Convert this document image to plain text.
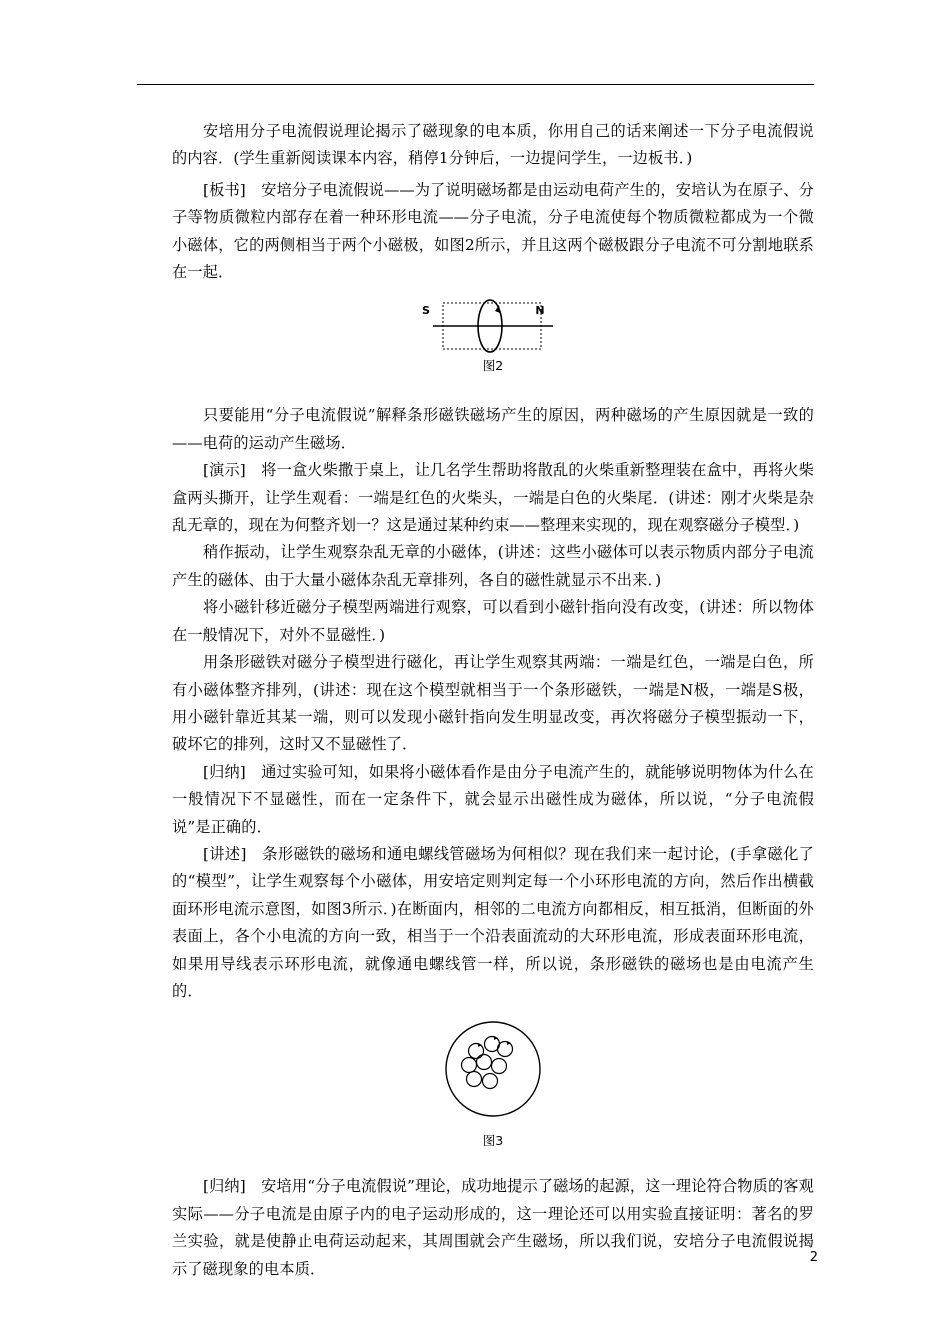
安培用分子电流假说理论揭示了磁现象的电本质，你用自己的话来阐述一下分子电流假说的内容．(学生重新阅读课本内容，稍停1分钟后，一边提问学生，一边板书．)

[板书]　安培分子电流假说——为了说明磁场都是由运动电荷产生的，安培认为在原子、分子等物质微粒内部存在着一种环形电流——分子电流，分子电流使每个物质微粒都成为一个微小磁体，它的两侧相当于两个小磁极，如图2所示，并且这两个磁极跟分子电流不可分割地联系在一起．

S	N
图2

只要能用“分子电流假说”解释条形磁铁磁场产生的原因，两种磁场的产生原因就是一致的——电荷的运动产生磁场．

[演示]　将一盒火柴撒于桌上，让几名学生帮助将散乱的火柴重新整理装在盒中，再将火柴盒两头撕开，让学生观看：一端是红色的火柴头，一端是白色的火柴尾．(讲述：刚才火柴是杂乱无章的，现在为何整齐划一？这是通过某种约束——整理来实现的，现在观察磁分子模型．)

稍作振动，让学生观察杂乱无章的小磁体，(讲述：这些小磁体可以表示物质内部分子电流产生的磁体、由于大量小磁体杂乱无章排列，各自的磁性就显示不出来．)

将小磁针移近磁分子模型两端进行观察，可以看到小磁针指向没有改变，(讲述：所以物体在一般情况下，对外不显磁性．)

用条形磁铁对磁分子模型进行磁化，再让学生观察其两端：一端是红色，一端是白色，所有小磁体整齐排列，(讲述：现在这个模型就相当于一个条形磁铁，一端是N极，一端是S极，用小磁针靠近其某一端，则可以发现小磁针指向发生明显改变，再次将磁分子模型振动一下，破坏它的排列，这时又不显磁性了．

[归纳]　通过实验可知，如果将小磁体看作是由分子电流产生的，就能够说明物体为什么在一般情况下不显磁性，而在一定条件下，就会显示出磁性成为磁体，所以说，“分子电流假说”是正确的．

[讲述]　条形磁铁的磁场和通电螺线管磁场为何相似？现在我们来一起讨论，(手拿磁化了的“模型”，让学生观察每个小磁体，用安培定则判定每一个小环形电流的方向，然后作出横截面环形电流示意图，如图3所示．)在断面内，相邻的二电流方向都相反，相互抵消，但断面的外表面上，各个小电流的方向一致，相当于一个沿表面流动的大环形电流，形成表面环形电流，如果用导线表示环形电流，就像通电螺线管一样，所以说，条形磁铁的磁场也是由电流产生的．

图3

[归纳]　安培用“分子电流假说”理论，成功地提示了磁场的起源，这一理论符合物质的客观实际——分子电流是由原子内的电子运动形成的，这一理论还可以用实验直接证明：著名的罗兰实验，就是使静止电荷运动起来，其周围就会产生磁场，所以我们说，安培分子电流假说揭示了磁现象的电本质．

2
